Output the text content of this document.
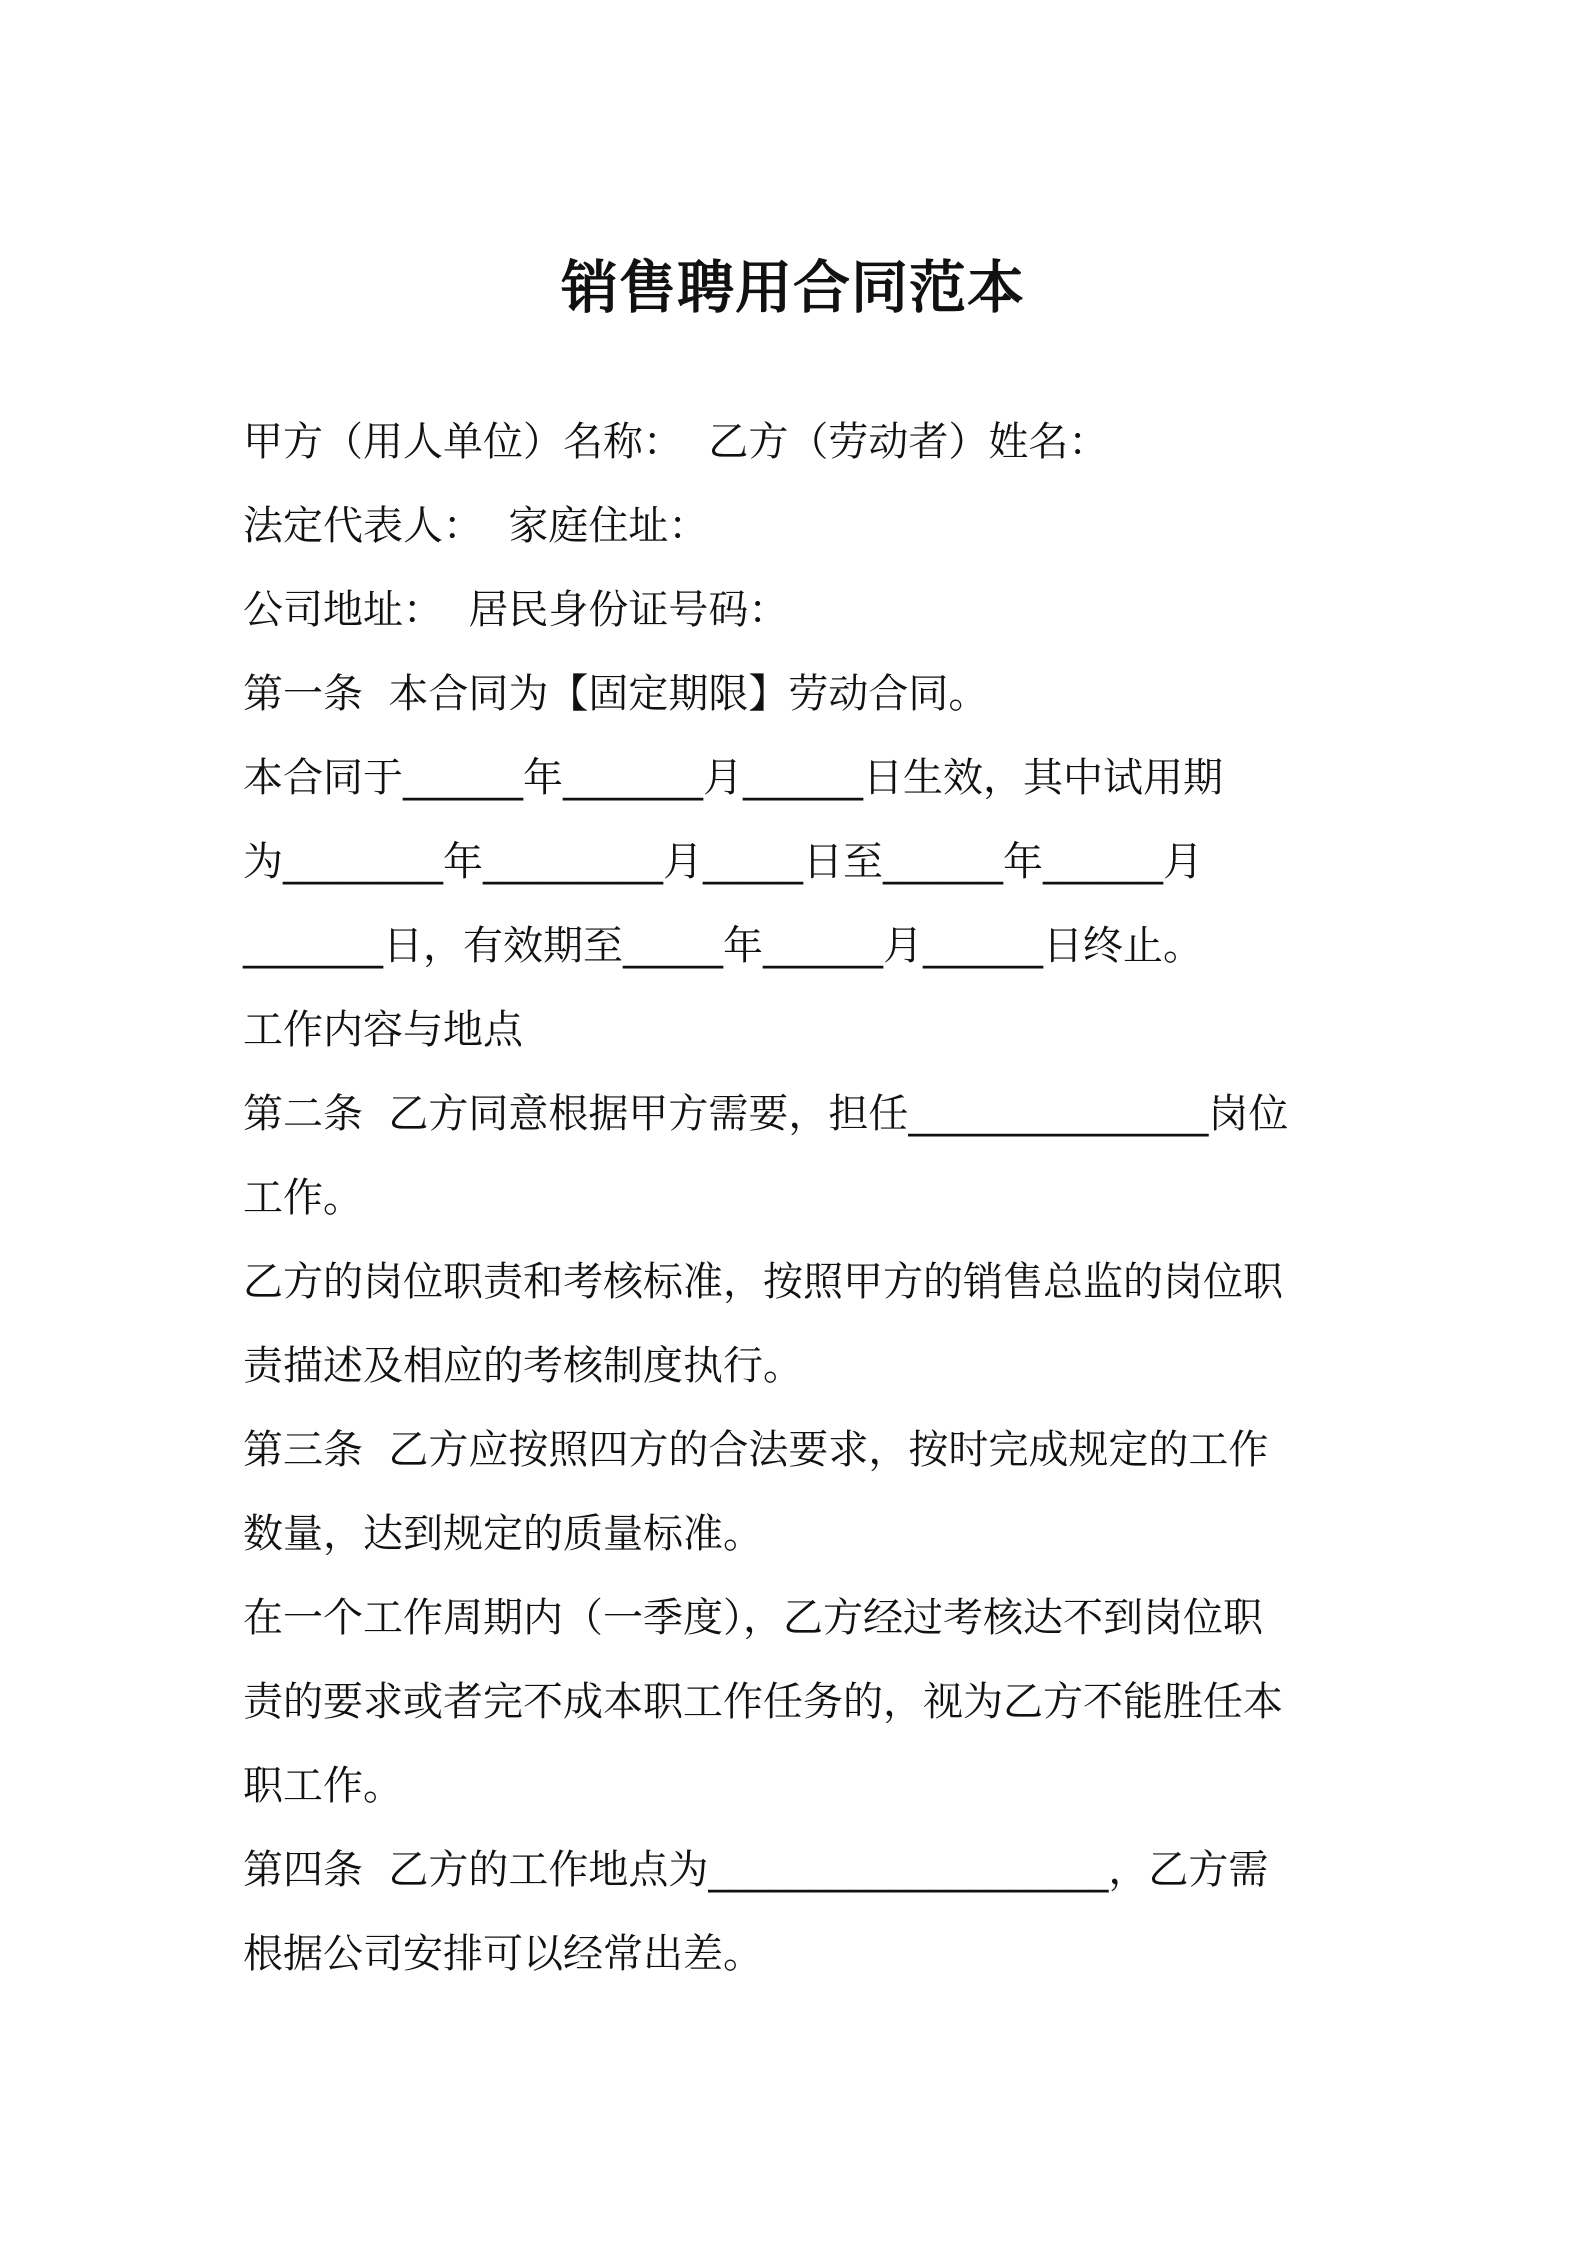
销售聘用合同范本
甲方（用人单位）名称：  乙方（劳动者）姓名：
法定代表人：  家庭住址：
公司地址：  居民身份证号码：
第一条  本合同为【固定期限】劳动合同。
本合同于______年_______月______日生效，其中试用期
为________年_________月_____日至______年______月
_______日，有效期至_____年______月______日终止。
工作内容与地点
第二条  乙方同意根据甲方需要，担任_______________岗位
工作。
乙方的岗位职责和考核标准，按照甲方的销售总监的岗位职
责描述及相应的考核制度执行。
第三条  乙方应按照四方的合法要求，按时完成规定的工作
数量，达到规定的质量标准。
在一个工作周期内（一季度），乙方经过考核达不到岗位职
责的要求或者完不成本职工作任务的，视为乙方不能胜任本
职工作。
第四条  乙方的工作地点为____________________，乙方需
根据公司安排可以经常出差。
